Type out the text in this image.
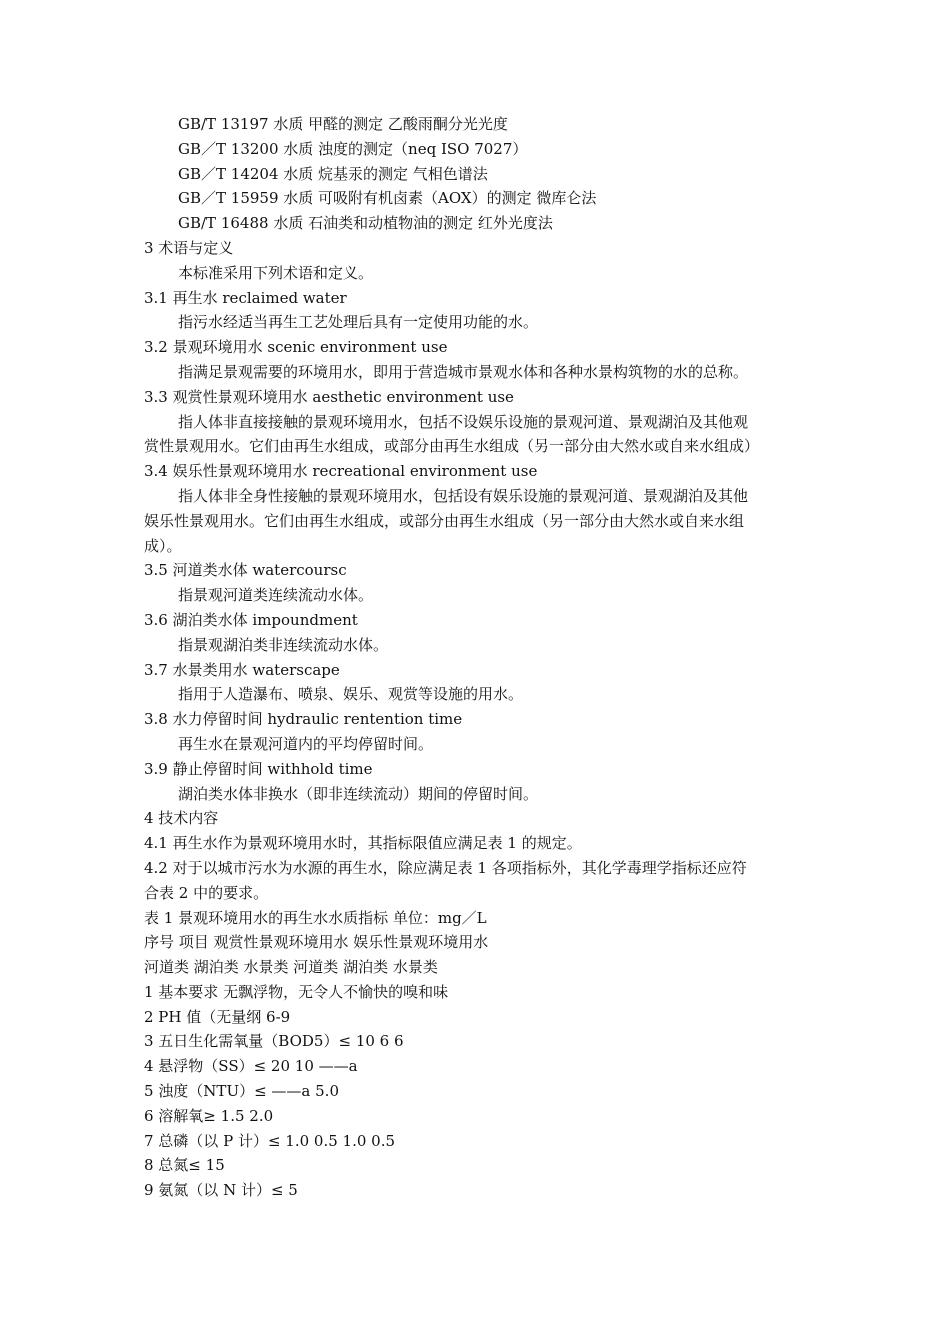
GB/T 13197 水质 甲醛的测定 乙酸雨酮分光光度
GB／T 13200 水质 浊度的测定（neq ISO 7027）
GB／T 14204 水质 烷基汞的测定 气相色谱法
GB／T 15959 水质 可吸附有机卤素（AOX）的测定 微库仑法
GB/T 16488 水质 石油类和动植物油的测定 红外光度法
3 术语与定义
本标准采用下列术语和定义。
3.1 再生水 reclaimed water
指污水经适当再生工艺处理后具有一定使用功能的水。
3.2 景观环境用水 scenic environment use
指满足景观需要的环境用水，即用于营造城市景观水体和各种水景构筑物的水的总称。
3.3 观赏性景观环境用水 aesthetic environment use
指人体非直接接触的景观环境用水，包括不设娱乐设施的景观河道、景观湖泊及其他观
赏性景观用水。它们由再生水组成，或部分由再生水组成（另一部分由大然水或自来水组成）
3.4 娱乐性景观环境用水 recreational environment use
指人体非全身性接触的景观环境用水，包括设有娱乐设施的景观河道、景观湖泊及其他
娱乐性景观用水。它们由再生水组成，或部分由再生水组成（另一部分由大然水或自来水组
成）。
3.5 河道类水体 watercoursc
指景观河道类连续流动水体。
3.6 湖泊类水体 impoundment
指景观湖泊类非连续流动水体。
3.7 水景类用水 waterscape
指用于人造瀑布、喷泉、娱乐、观赏等设施的用水。
3.8 水力停留时间 hydraulic rentention time
再生水在景观河道内的平均停留时间。
3.9 静止停留时间 withhold time
湖泊类水体非换水（即非连续流动）期间的停留时间。
4 技术内容
4.1 再生水作为景观环境用水时，其指标限值应满足表 1 的规定。
4.2 对于以城市污水为水源的再生水，除应满足表 1 各项指标外，其化学毒理学指标还应符
合表 2 中的要求。
表 1 景观环境用水的再生水水质指标 单位：mg／L
序号 项目 观赏性景观环境用水 娱乐性景观环境用水
河道类 湖泊类 水景类 河道类 湖泊类 水景类
1 基本要求 无飘浮物，无令人不愉快的嗅和味
2 PH 值（无量纲 6-9
3 五日生化需氧量（BOD5）≤ 10 6 6
4 悬浮物（SS）≤ 20 10 ——a
5 浊度（NTU）≤ ——a 5.0
6 溶解氧≥ 1.5 2.0
7 总磷（以 P 计）≤ 1.0 0.5 1.0 0.5
8 总氮≤ 15
9 氨氮（以 N 计）≤ 5
